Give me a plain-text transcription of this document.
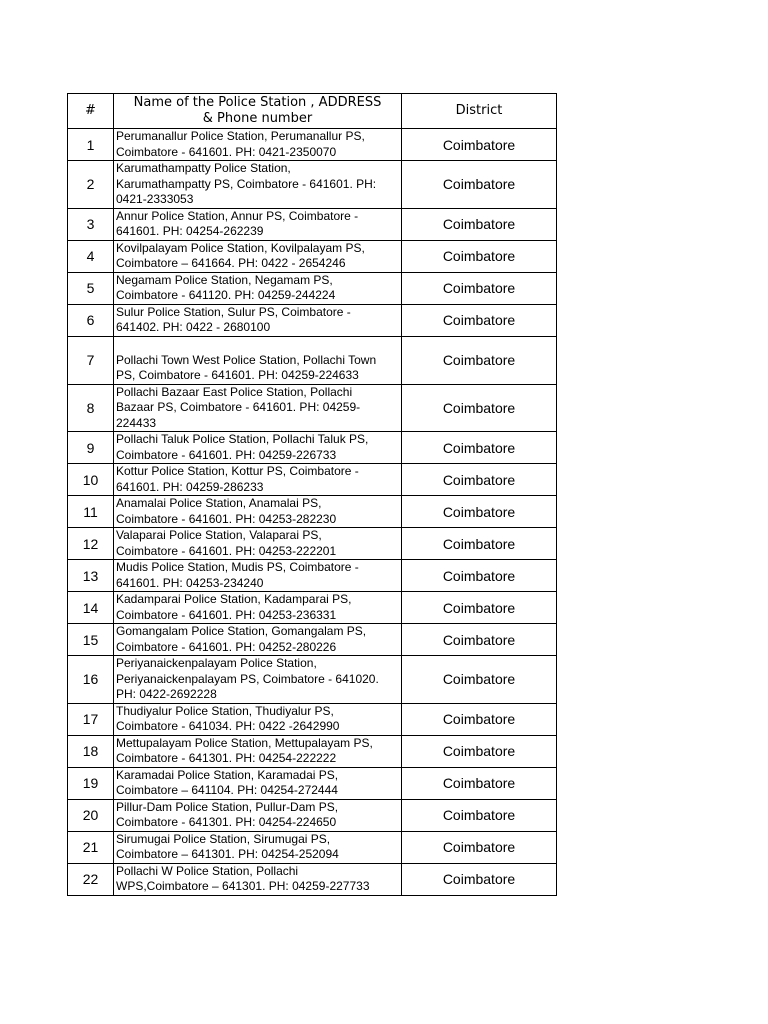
#	Name of the Police Station , ADDRESS
& Phone number	District
1	Perumanallur Police Station, Perumanallur PS,
Coimbatore - 641601. PH: 0421-2350070	Coimbatore
2	Karumathampatty Police Station,
Karumathampatty PS, Coimbatore - 641601. PH:
0421-2333053	Coimbatore
3	Annur Police Station, Annur PS, Coimbatore -
641601. PH: 04254-262239	Coimbatore
4	Kovilpalayam Police Station, Kovilpalayam PS,
Coimbatore – 641664. PH: 0422 - 2654246	Coimbatore
5	Negamam Police Station, Negamam PS,
Coimbatore - 641120. PH: 04259-244224	Coimbatore
6	Sulur Police Station, Sulur PS, Coimbatore -
641402. PH: 0422 - 2680100	Coimbatore
7	Pollachi Town West Police Station, Pollachi Town
PS, Coimbatore - 641601. PH: 04259-224633	Coimbatore
8	Pollachi Bazaar East Police Station, Pollachi
Bazaar PS, Coimbatore - 641601. PH: 04259-
224433	Coimbatore
9	Pollachi Taluk Police Station, Pollachi Taluk PS,
Coimbatore - 641601. PH: 04259-226733	Coimbatore
10	Kottur Police Station, Kottur PS, Coimbatore -
641601. PH: 04259-286233	Coimbatore
11	Anamalai Police Station, Anamalai PS,
Coimbatore - 641601. PH: 04253-282230	Coimbatore
12	Valaparai Police Station, Valaparai PS,
Coimbatore - 641601. PH: 04253-222201	Coimbatore
13	Mudis Police Station, Mudis PS, Coimbatore -
641601. PH: 04253-234240	Coimbatore
14	Kadamparai Police Station, Kadamparai PS,
Coimbatore - 641601. PH: 04253-236331	Coimbatore
15	Gomangalam Police Station, Gomangalam PS,
Coimbatore - 641601. PH: 04252-280226	Coimbatore
16	Periyanaickenpalayam Police Station,
Periyanaickenpalayam PS, Coimbatore - 641020.
PH: 0422-2692228	Coimbatore
17	Thudiyalur Police Station, Thudiyalur PS,
Coimbatore - 641034. PH: 0422 -2642990	Coimbatore
18	Mettupalayam Police Station, Mettupalayam PS,
Coimbatore - 641301. PH: 04254-222222	Coimbatore
19	Karamadai Police Station, Karamadai PS,
Coimbatore – 641104. PH: 04254-272444	Coimbatore
20	Pillur-Dam Police Station, Pullur-Dam PS,
Coimbatore - 641301. PH: 04254-224650	Coimbatore
21	Sirumugai Police Station, Sirumugai PS,
Coimbatore – 641301. PH: 04254-252094	Coimbatore
22	Pollachi W Police Station, Pollachi
WPS,Coimbatore – 641301. PH: 04259-227733	Coimbatore
